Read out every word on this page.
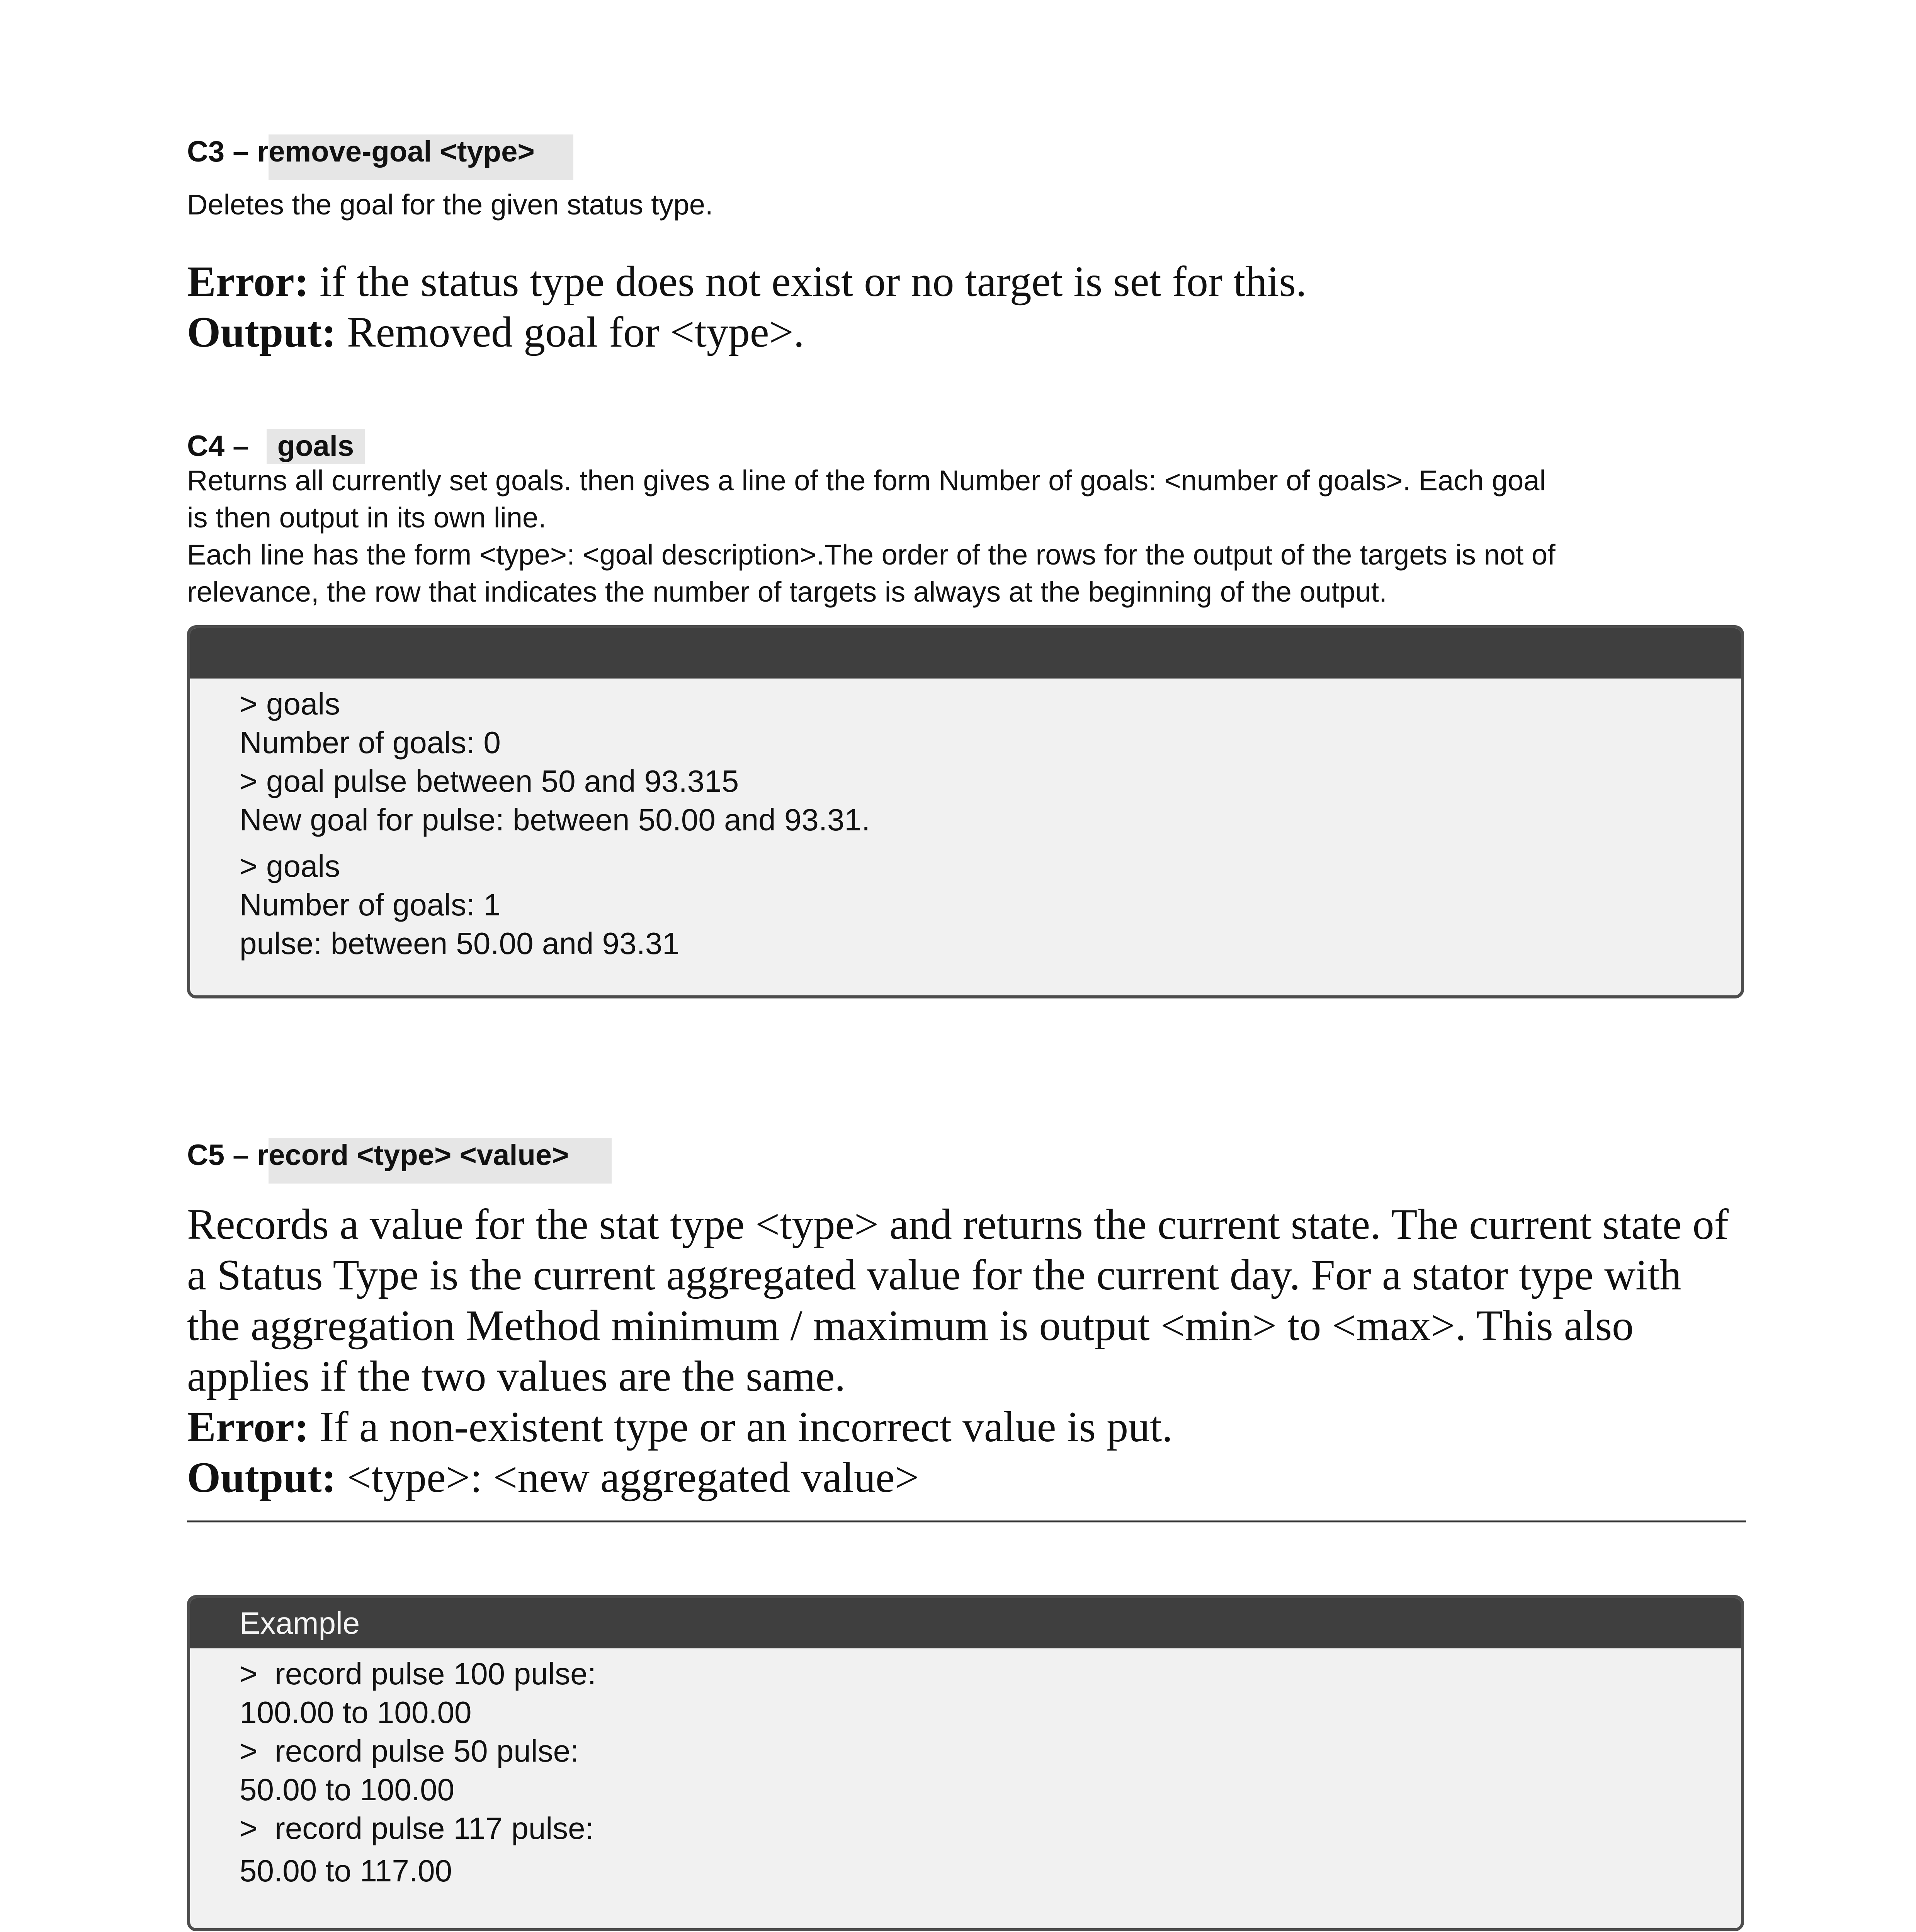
C3 – remove-goal <type>
Deletes the goal for the given status type.
Error: if the status type does not exist or no target is set for this.
Output: Removed goal for <type>.
C4 – goals
Returns all currently set goals. then gives a line of the form Number of goals: <number of goals>. Each goal
is then output in its own line.
Each line has the form <type>: <goal description>.The order of the rows for the output of the targets is not of
relevance, the row that indicates the number of targets is always at the beginning of the output.
> goals
Number of goals: 0
> goal pulse between 50 and 93.315
New goal for pulse: between 50.00 and 93.31.
> goals
Number of goals: 1
pulse: between 50.00 and 93.31
C5 – record <type> <value>
Records a value for the stat type <type> and returns the current state. The current state of
a Status Type is the current aggregated value for the current day. For a stator type with
the aggregation Method minimum / maximum is output <min> to <max>. This also
applies if the two values are the same.
Error: If a non-existent type or an incorrect value is put.
Output: <type>: <new aggregated value>
Example
>  record pulse 100 pulse:
100.00 to 100.00
>  record pulse 50 pulse:
50.00 to 100.00
>  record pulse 117 pulse:
50.00 to 117.00
